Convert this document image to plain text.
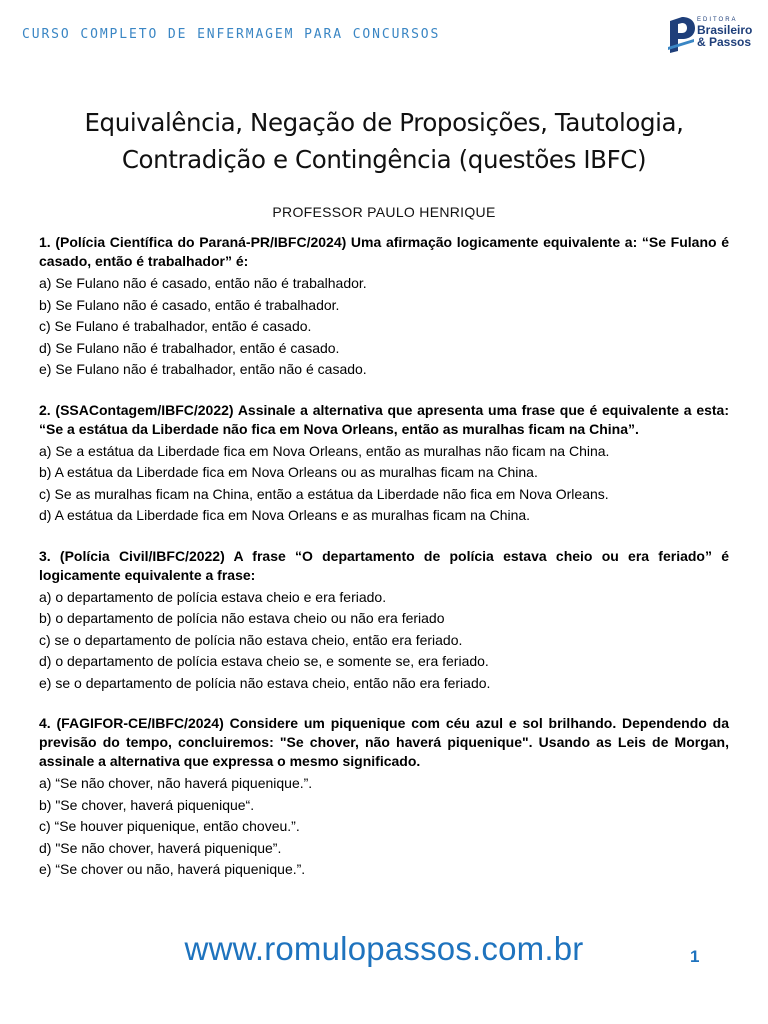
CURSO COMPLETO DE ENFERMAGEM PARA CONCURSOS
EDITORA
Brasileiro
& Passos
Equivalência, Negação de Proposições, Tautologia,
Contradição e Contingência (questões IBFC)
PROFESSOR PAULO HENRIQUE

1. (Polícia Científica do Paraná-PR/IBFC/2024) Uma afirmação logicamente equivalente a: “Se Fulano é casado, então é trabalhador” é:

a) Se Fulano não é casado, então não é trabalhador.
b) Se Fulano não é casado, então é trabalhador.
c) Se Fulano é trabalhador, então é casado.
d) Se Fulano não é trabalhador, então é casado.
e) Se Fulano não é trabalhador, então não é casado.

2. (SSAContagem/IBFC/2022) Assinale a alternativa que apresenta uma frase que é equivalente a esta: “Se a estátua da Liberdade não fica em Nova Orleans, então as muralhas ficam na China”.

a) Se a estátua da Liberdade fica em Nova Orleans, então as muralhas não ficam na China.
b) A estátua da Liberdade fica em Nova Orleans ou as muralhas ficam na China.
c) Se as muralhas ficam na China, então a estátua da Liberdade não fica em Nova Orleans.
d) A estátua da Liberdade fica em Nova Orleans e as muralhas ficam na China.

3. (Polícia Civil/IBFC/2022) A frase “O departamento de polícia estava cheio ou era feriado” é logicamente equivalente a frase:

a) o departamento de polícia estava cheio e era feriado.
b) o departamento de polícia não estava cheio ou não era feriado
c) se o departamento de polícia não estava cheio, então era feriado.
d) o departamento de polícia estava cheio se, e somente se, era feriado.
e) se o departamento de polícia não estava cheio, então não era feriado.

4. (FAGIFOR-CE/IBFC/2024) Considere um piquenique com céu azul e sol brilhando. Dependendo da previsão do tempo, concluiremos: "Se chover, não haverá piquenique". Usando as Leis de Morgan, assinale a alternativa que expressa o mesmo significado.

a) “Se não chover, não haverá piquenique.”.
b) "Se chover, haverá piquenique“.
c) “Se houver piquenique, então choveu.”.
d) "Se não chover, haverá piquenique”.
e) “Se chover ou não, haverá piquenique.”.
www.romulopassos.com.br	1
